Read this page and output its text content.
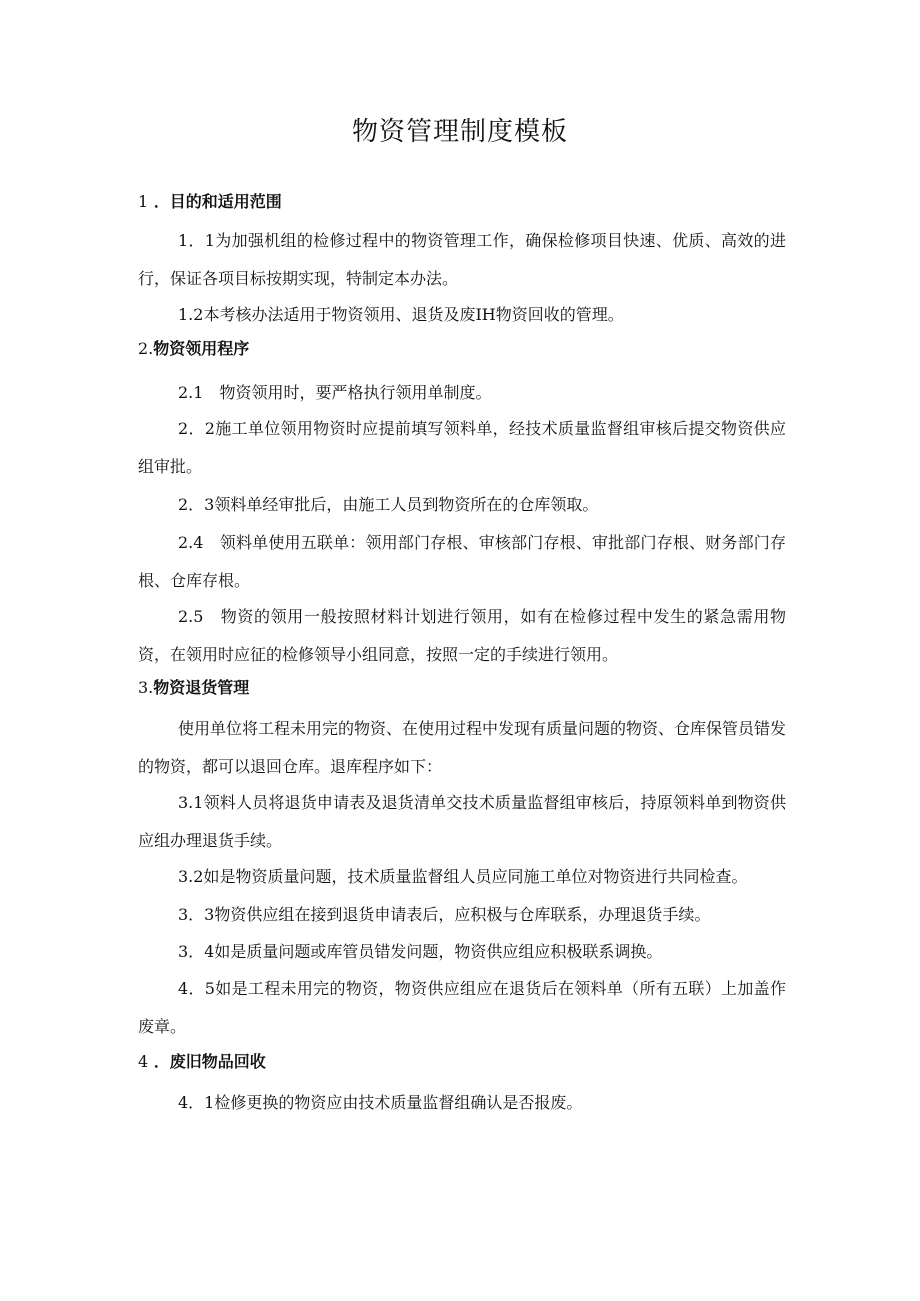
物资管理制度模板
1 ．目的和适用范围
1．1为加强机组的检修过程中的物资管理工作，确保检修项目快速、优质、高效的进行，保证各项目标按期实现，特制定本办法。
1.2本考核办法适用于物资领用、退货及废IH物资回收的管理。
2.物资领用程序
2.1　物资领用时，要严格执行领用单制度。
2．2施工单位领用物资时应提前填写领料单，经技术质量监督组审核后提交物资供应组审批。
2．3领料单经审批后，由施工人员到物资所在的仓库领取。
2.4　领料单使用五联单：领用部门存根、审核部门存根、审批部门存根、财务部门存根、仓库存根。
2.5　物资的领用一般按照材料计划进行领用，如有在检修过程中发生的紧急需用物资，在领用时应征的检修领导小组同意，按照一定的手续进行领用。
3.物资退货管理
使用单位将工程未用完的物资、在使用过程中发现有质量问题的物资、仓库保管员错发的物资，都可以退回仓库。退库程序如下：
3.1领料人员将退货申请表及退货清单交技术质量监督组审核后，持原领料单到物资供应组办理退货手续。
3.2如是物资质量问题，技术质量监督组人员应同施工单位对物资进行共同检查。
3．3物资供应组在接到退货申请表后，应积极与仓库联系，办理退货手续。
3．4如是质量问题或库管员错发问题，物资供应组应积极联系调换。
4．5如是工程未用完的物资，物资供应组应在退货后在领料单（所有五联）上加盖作废章。
4 ．废旧物品回收
4．1检修更换的物资应由技术质量监督组确认是否报废。
